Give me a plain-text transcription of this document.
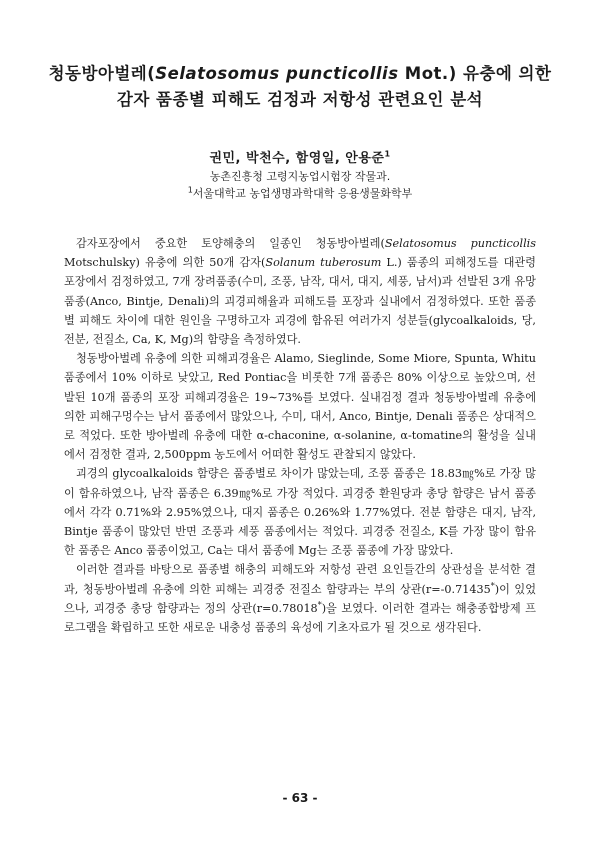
청동방아벌레(Selatosomus puncticollis Mot.) 유충에 의한
감자 품종별 피해도 검정과 저항성 관련요인 분석
권민, 박천수, 함영일, 안용준$^1$
농촌진흥청 고령지농업시험장 작물과.
$^1$서울대학교 농업생명과학대학 응용생물화학부

감자포장에서 중요한 토양해충의 일종인 청동방아벌레(Selatosomus puncticollis Motschulsky) 유충에 의한 50개 감자(Solanum tuberosum L.) 품종의 피해정도를 대관령 포장에서 검정하였고, 7개 장려품종(수미, 조풍, 남작, 대서, 대지, 세풍, 남서)과 선발된 3개 유망품종(Anco, Bintje, Denali)의 괴경피해율과 피해도를 포장과 실내에서 검정하였다. 또한 품종별 피해도 차이에 대한 원인을 구명하고자 괴경에 함유된 여러가지 성분들(glycoalkaloids, 당, 전분, 전질소, Ca, K, Mg)의 함량을 측정하였다.

청동방아벌레 유충에 의한 피해괴경율은 Alamo, Sieglinde, Some Miore, Spunta, Whitu 품종에서 10% 이하로 낮았고, Red Pontiac을 비롯한 7개 품종은 80% 이상으로 높았으며, 선발된 10개 품종의 포장 피해괴경율은 19∼73%를 보였다. 실내검정 결과 청동방아벌레 유충에 의한 피해구멍수는 남서 품종에서 많았으나, 수미, 대서, Anco, Bintje, Denali 품종은 상대적으로 적었다. 또한 방아벌레 유충에 대한 α-chaconine, α-solanine, α-tomatine의 활성을 실내에서 검정한 결과, 2,500ppm 농도에서 어떠한 활성도 관찰되지 않았다.

괴경의 glycoalkaloids 함량은 품종별로 차이가 많았는데, 조풍 품종은 18.83㎎%로 가장 많이 함유하였으나, 남작 품종은 6.39㎎%로 가장 적었다. 괴경중 환원당과 총당 함량은 남서 품종에서 각각 0.71%와 2.95%였으나, 대지 품종은 0.26%와 1.77%였다. 전분 함량은 대지, 남작, Bintje 품종이 많았던 반면 조풍과 세풍 품종에서는 적었다. 괴경중 전질소, K를 가장 많이 함유한 품종은 Anco 품종이었고, Ca는 대서 품종에 Mg는 조풍 품종에 가장 많았다.

이러한 결과를 바탕으로 품종별 해충의 피해도와 저항성 관련 요인들간의 상관성을 분석한 결과, 청동방아벌레 유충에 의한 피해는 괴경중 전질소 함량과는 부의 상관(r=-0.71435*)이 있었으나, 괴경중 총당 함량과는 정의 상관(r=0.78018*)을 보였다. 이러한 결과는 해충종합방제 프로그램을 확립하고 또한 새로운 내충성 품종의 육성에 기초자료가 될 것으로 생각된다.

- 63 -
